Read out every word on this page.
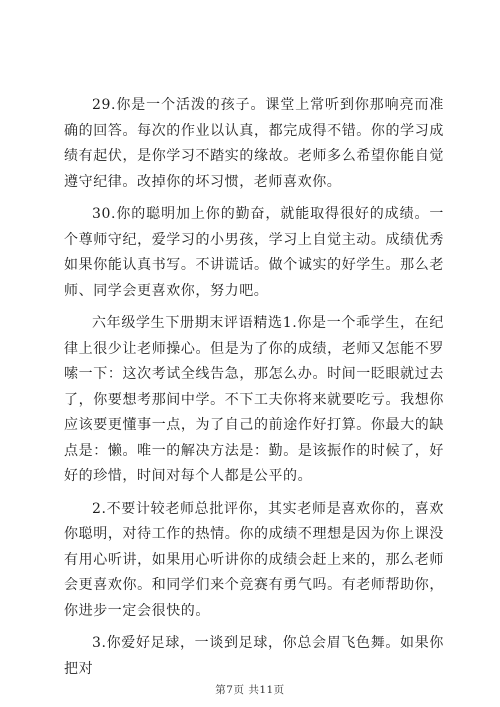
29.你是一个活泼的孩子。课堂上常听到你那响亮而准确的回答。每次的作业以认真，都完成得不错。你的学习成绩有起伏，是你学习不踏实的缘故。老师多么希望你能自觉遵守纪律。改掉你的坏习惯，老师喜欢你。

30.你的聪明加上你的勤奋，就能取得很好的成绩。一个尊师守纪，爱学习的小男孩，学习上自觉主动。成绩优秀如果你能认真书写。不讲谎话。做个诚实的好学生。那么老师、同学会更喜欢你，努力吧。

六年级学生下册期末评语精选1.你是一个乖学生，在纪律上很少让老师操心。但是为了你的成绩，老师又怎能不罗嗦一下：这次考试全线告急，那怎么办。时间一眨眼就过去了，你要想考那间中学。不下工夫你将来就要吃亏。我想你应该要更懂事一点，为了自己的前途作好打算。你最大的缺点是：懒。唯一的解决方法是：勤。是该振作的时候了，好好的珍惜，时间对每个人都是公平的。

2.不要计较老师总批评你，其实老师是喜欢你的，喜欢你聪明，对待工作的热情。你的成绩不理想是因为你上课没有用心听讲，如果用心听讲你的成绩会赶上来的，那么老师会更喜欢你。和同学们来个竞赛有勇气吗。有老师帮助你，你进步一定会很快的。

3.你爱好足球，一谈到足球，你总会眉飞色舞。如果你把对

第7页 共11页
